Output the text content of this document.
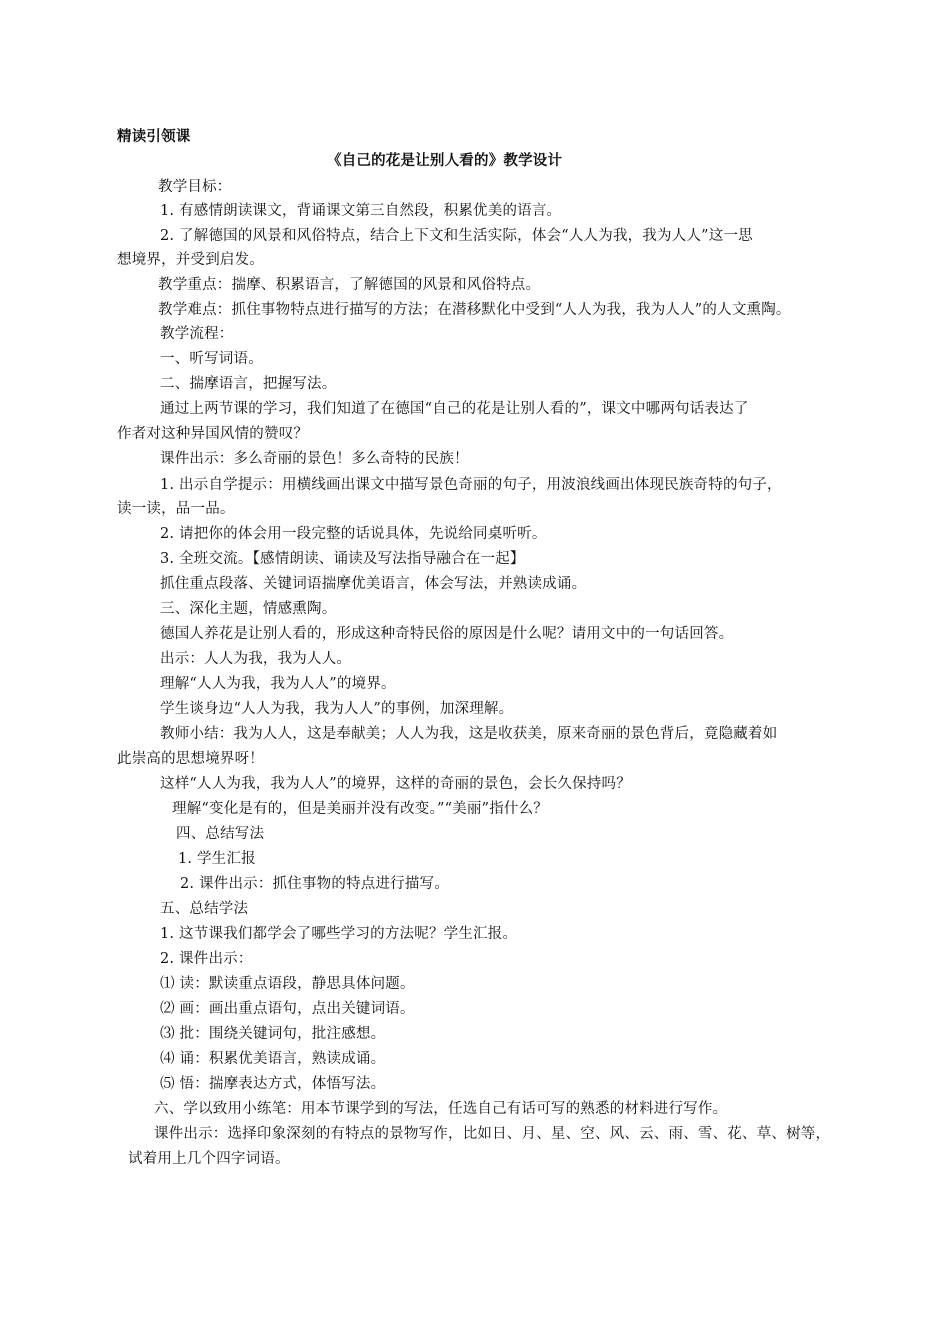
精读引领课
《自己的花是让别人看的》教学设计
教学目标：
1. 有感情朗读课文，背诵课文第三自然段，积累优美的语言。
2. 了解德国的风景和风俗特点，结合上下文和生活实际，体会“人人为我，我为人人”这一思
想境界，并受到启发。
教学重点：揣摩、积累语言，了解德国的风景和风俗特点。
教学难点：抓住事物特点进行描写的方法；在潜移默化中受到“人人为我，我为人人”的人文熏陶。
教学流程：
一、听写词语。
二、揣摩语言，把握写法。
通过上两节课的学习，我们知道了在德国“自己的花是让别人看的”，课文中哪两句话表达了
作者对这种异国风情的赞叹？
课件出示：多么奇丽的景色！多么奇特的民族！
1. 出示自学提示：用横线画出课文中描写景色奇丽的句子，用波浪线画出体现民族奇特的句子，
读一读，品一品。
2. 请把你的体会用一段完整的话说具体，先说给同桌听听。
3. 全班交流。【感情朗读、诵读及写法指导融合在一起】
抓住重点段落、关键词语揣摩优美语言，体会写法，并熟读成诵。
三、深化主题，情感熏陶。
德国人养花是让别人看的，形成这种奇特民俗的原因是什么呢？请用文中的一句话回答。
出示：人人为我，我为人人。
理解“人人为我，我为人人”的境界。
学生谈身边“人人为我，我为人人”的事例，加深理解。
教师小结：我为人人，这是奉献美；人人为我，这是收获美，原来奇丽的景色背后，竟隐藏着如
此崇高的思想境界呀！
这样“人人为我，我为人人”的境界，这样的奇丽的景色，会长久保持吗？
理解“变化是有的，但是美丽并没有改变。”“美丽”指什么？
四、总结写法
1. 学生汇报
2. 课件出示：抓住事物的特点进行描写。
五、总结学法
1. 这节课我们都学会了哪些学习的方法呢？学生汇报。
2. 课件出示：
⑴ 读：默读重点语段，静思具体问题。
⑵ 画：画出重点语句，点出关键词语。
⑶ 批：围绕关键词句，批注感想。
⑷ 诵：积累优美语言，熟读成诵。
⑸ 悟：揣摩表达方式，体悟写法。
六、学以致用小练笔：用本节课学到的写法，任选自己有话可写的熟悉的材料进行写作。
课件出示：选择印象深刻的有特点的景物写作，比如日、月、星、空、风、云、雨、雪、花、草、树等，
试着用上几个四字词语。
